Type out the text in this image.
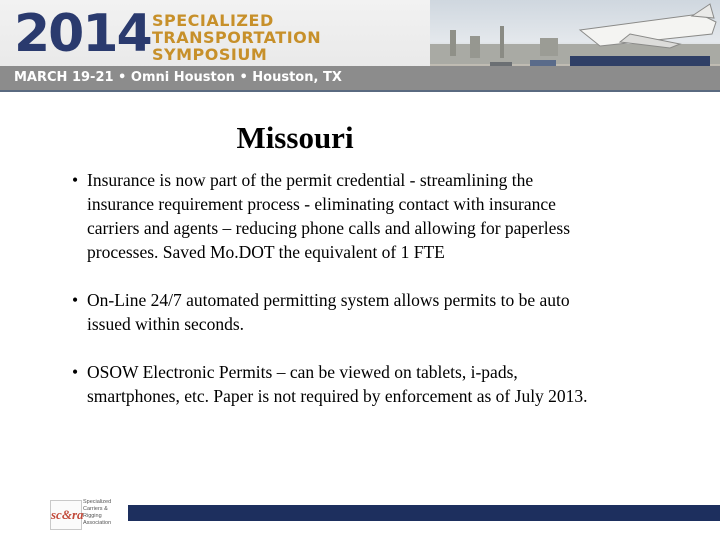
2014 SPECIALIZED
TRANSPORTATION
SYMPOSIUM
MARCH 19-21 • Omni Houston • Houston, TX
Missouri
• Insurance is now part of the permit credential - streamlining the insurance requirement process - eliminating contact with insurance carriers and agents – reducing phone calls and allowing for paperless processes. Saved Mo.DOT the equivalent of 1 FTE
• On-Line 24/7 automated permitting system allows permits to be auto issued within seconds.
• OSOW Electronic Permits – can be viewed on tablets, i-pads, smartphones, etc. Paper is not required by enforcement as of July 2013.
sc&ra
Specialized Carriers & Rigging Association
